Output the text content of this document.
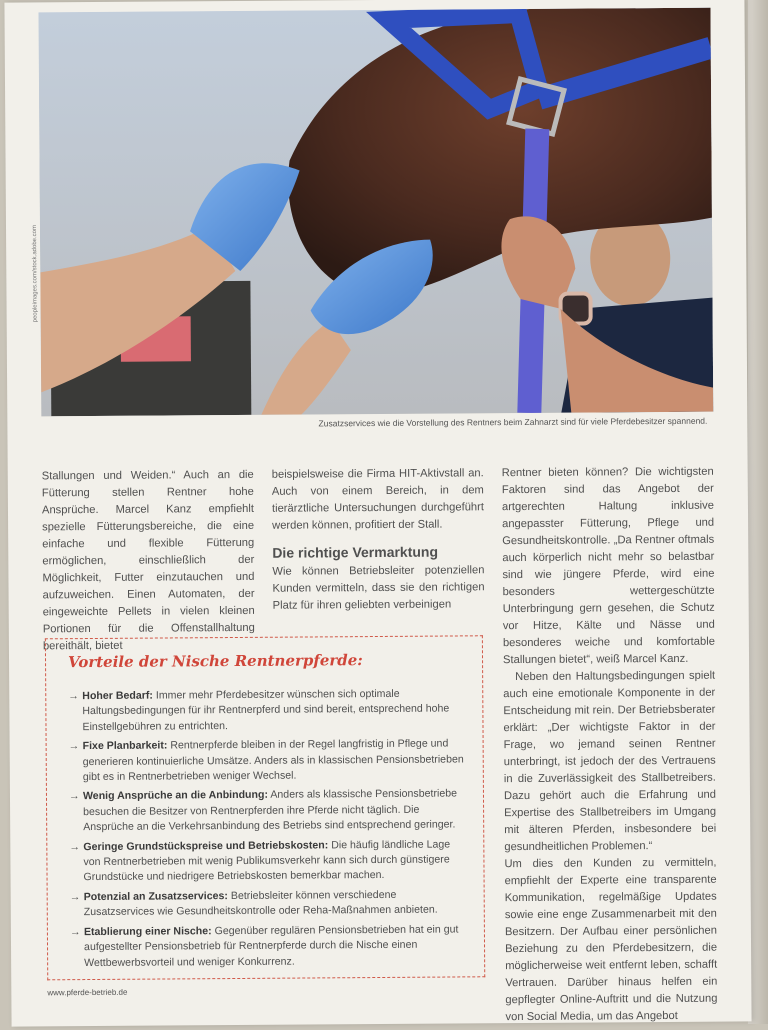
peopleimages.com/stock.adobe.com
Zusatzservices wie die Vorstellung des Rentners beim Zahnarzt sind für viele Pferdebesitzer spannend.

Stallungen und Weiden.“ Auch an die Fütterung stellen Rentner hohe Ansprüche. Marcel Kanz empfiehlt spezielle Fütterungsbereiche, die eine einfache und flexible Fütterung ermöglichen, einschließlich der Möglichkeit, Futter einzutauchen und aufzuweichen. Einen Automaten, der eingeweichte Pellets in vielen kleinen Portionen für die Offenstallhaltung bereithält, bietet

beispielsweise die Firma HIT-Aktivstall an. Auch von einem Bereich, in dem tierärztliche Untersuchungen durchgeführt werden können, profitiert der Stall.

Die richtige Vermarktung

Wie können Betriebsleiter potenziellen Kunden vermitteln, dass sie den richtigen Platz für ihren geliebten verbeinigen

Rentner bieten können? Die wichtigsten Faktoren sind das Angebot der artgerechten Haltung inklusive angepasster Fütterung, Pflege und Gesundheitskontrolle. „Da Rentner oftmals auch körperlich nicht mehr so belastbar sind wie jüngere Pferde, wird eine besonders wettergeschützte Unterbringung gern gesehen, die Schutz vor Hitze, Kälte und Nässe und besonderes weiche und komfortable Stallungen bietet“, weiß Marcel Kanz.

Neben den Haltungsbedingungen spielt auch eine emotionale Komponente in der Entscheidung mit rein. Der Betriebsberater erklärt: „Der wichtigste Faktor in der Frage, wo jemand seinen Rentner unterbringt, ist jedoch der des Vertrauens in die Zuverlässigkeit des Stallbetreibers. Dazu gehört auch die Erfahrung und Expertise des Stallbetreibers im Umgang mit älteren Pferden, insbesondere bei gesundheitlichen Problemen.“

Um dies den Kunden zu vermitteln, empfiehlt der Experte eine transparente Kommunikation, regelmäßige Updates sowie eine enge Zusammenarbeit mit den Besitzern. Der Aufbau einer persönlichen Beziehung zu den Pferdebesitzern, die möglicherweise weit entfernt leben, schafft Vertrauen. Darüber hinaus helfen ein gepflegter Online-Auftritt und die Nutzung von Social Media, um das Angebot

Vorteile der Nische Rentnerpferde:

→ Hoher Bedarf: Immer mehr Pferdebesitzer wünschen sich optimale Haltungsbedingungen für ihr Rentnerpferd und sind bereit, entsprechend hohe Einstellgebühren zu entrichten.

→ Fixe Planbarkeit: Rentnerpferde bleiben in der Regel langfristig in Pflege und generieren kontinuierliche Umsätze. Anders als in klassischen Pensionsbetrieben gibt es in Rentnerbetrieben weniger Wechsel.

→ Wenig Ansprüche an die Anbindung: Anders als klassische Pensionsbetriebe besuchen die Besitzer von Rentnerpferden ihre Pferde nicht täglich. Die Ansprüche an die Verkehrsanbindung des Betriebs sind entsprechend geringer.

→ Geringe Grundstückspreise und Betriebskosten: Die häufig ländliche Lage von Rentnerbetrieben mit wenig Publikumsverkehr kann sich durch günstigere Grundstücke und niedrigere Betriebskosten bemerkbar machen.

→ Potenzial an Zusatzservices: Betriebsleiter können verschiedene Zusatzservices wie Gesundheitskontrolle oder Reha-Maßnahmen anbieten.

→ Etablierung einer Nische: Gegenüber regulären Pensionsbetrieben hat ein gut aufgestellter Pensionsbetrieb für Rentnerpferde durch die Nische einen Wettbewerbsvorteil und weniger Konkurrenz.

www.pferde-betrieb.de
